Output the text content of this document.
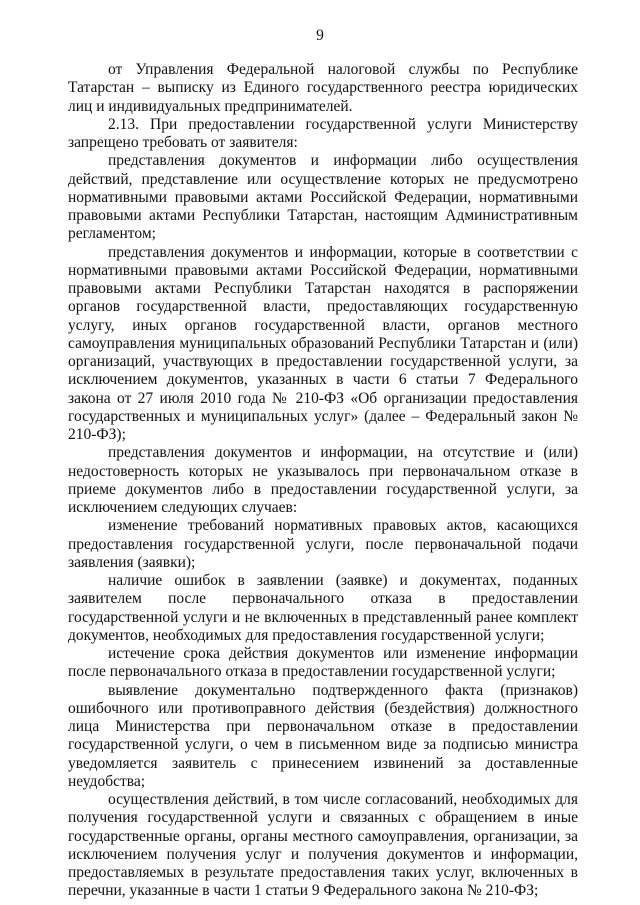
9

от Управления Федеральной налоговой службы по Республике Татарстан – выписку из Единого государственного реестра юридических лиц и индивидуальных предпринимателей.

2.13. При предоставлении государственной услуги Министерству запрещено требовать от заявителя:

представления документов и информации либо осуществления действий, представление или осуществление которых не предусмотрено нормативными правовыми актами Российской Федерации, нормативными правовыми актами Республики Татарстан, настоящим Административным регламентом;

представления документов и информации, которые в соответствии с нормативными правовыми актами Российской Федерации, нормативными правовыми актами Республики Татарстан находятся в распоряжении органов государственной власти, предоставляющих государственную услугу, иных органов государственной власти, органов местного самоуправления муниципальных образований Республики Татарстан и (или) организаций, участвующих в предоставлении государственной услуги, за исключением документов, указанных в части 6 статьи 7 Федерального закона от 27 июля 2010 года № 210-ФЗ «Об организации предоставления государственных и муниципальных услуг» (далее – Федеральный закон № 210-ФЗ);

представления документов и информации, на отсутствие и (или) недостоверность которых не указывалось при первоначальном отказе в приеме документов либо в предоставлении государственной услуги, за исключением следующих случаев:

изменение требований нормативных правовых актов, касающихся предоставления государственной услуги, после первоначальной подачи заявления (заявки);

наличие ошибок в заявлении (заявке) и документах, поданных заявителем после первоначального отказа в предоставлении государственной услуги и не включенных в представленный ранее комплект документов, необходимых для предоставления государственной услуги;

истечение срока действия документов или изменение информации после первоначального отказа в предоставлении государственной услуги;

выявление документально подтвержденного факта (признаков) ошибочного или противоправного действия (бездействия) должностного лица Министерства при первоначальном отказе в предоставлении государственной услуги, о чем в письменном виде за подписью министра уведомляется заявитель с принесением извинений за доставленные неудобства;

осуществления действий, в том числе согласований, необходимых для получения государственной услуги и связанных с обращением в иные государственные органы, органы местного самоуправления, организации, за исключением получения услуг и получения документов и информации, предоставляемых в результате предоставления таких услуг, включенных в перечни, указанные в части 1 статьи 9 Федерального закона № 210-ФЗ;
